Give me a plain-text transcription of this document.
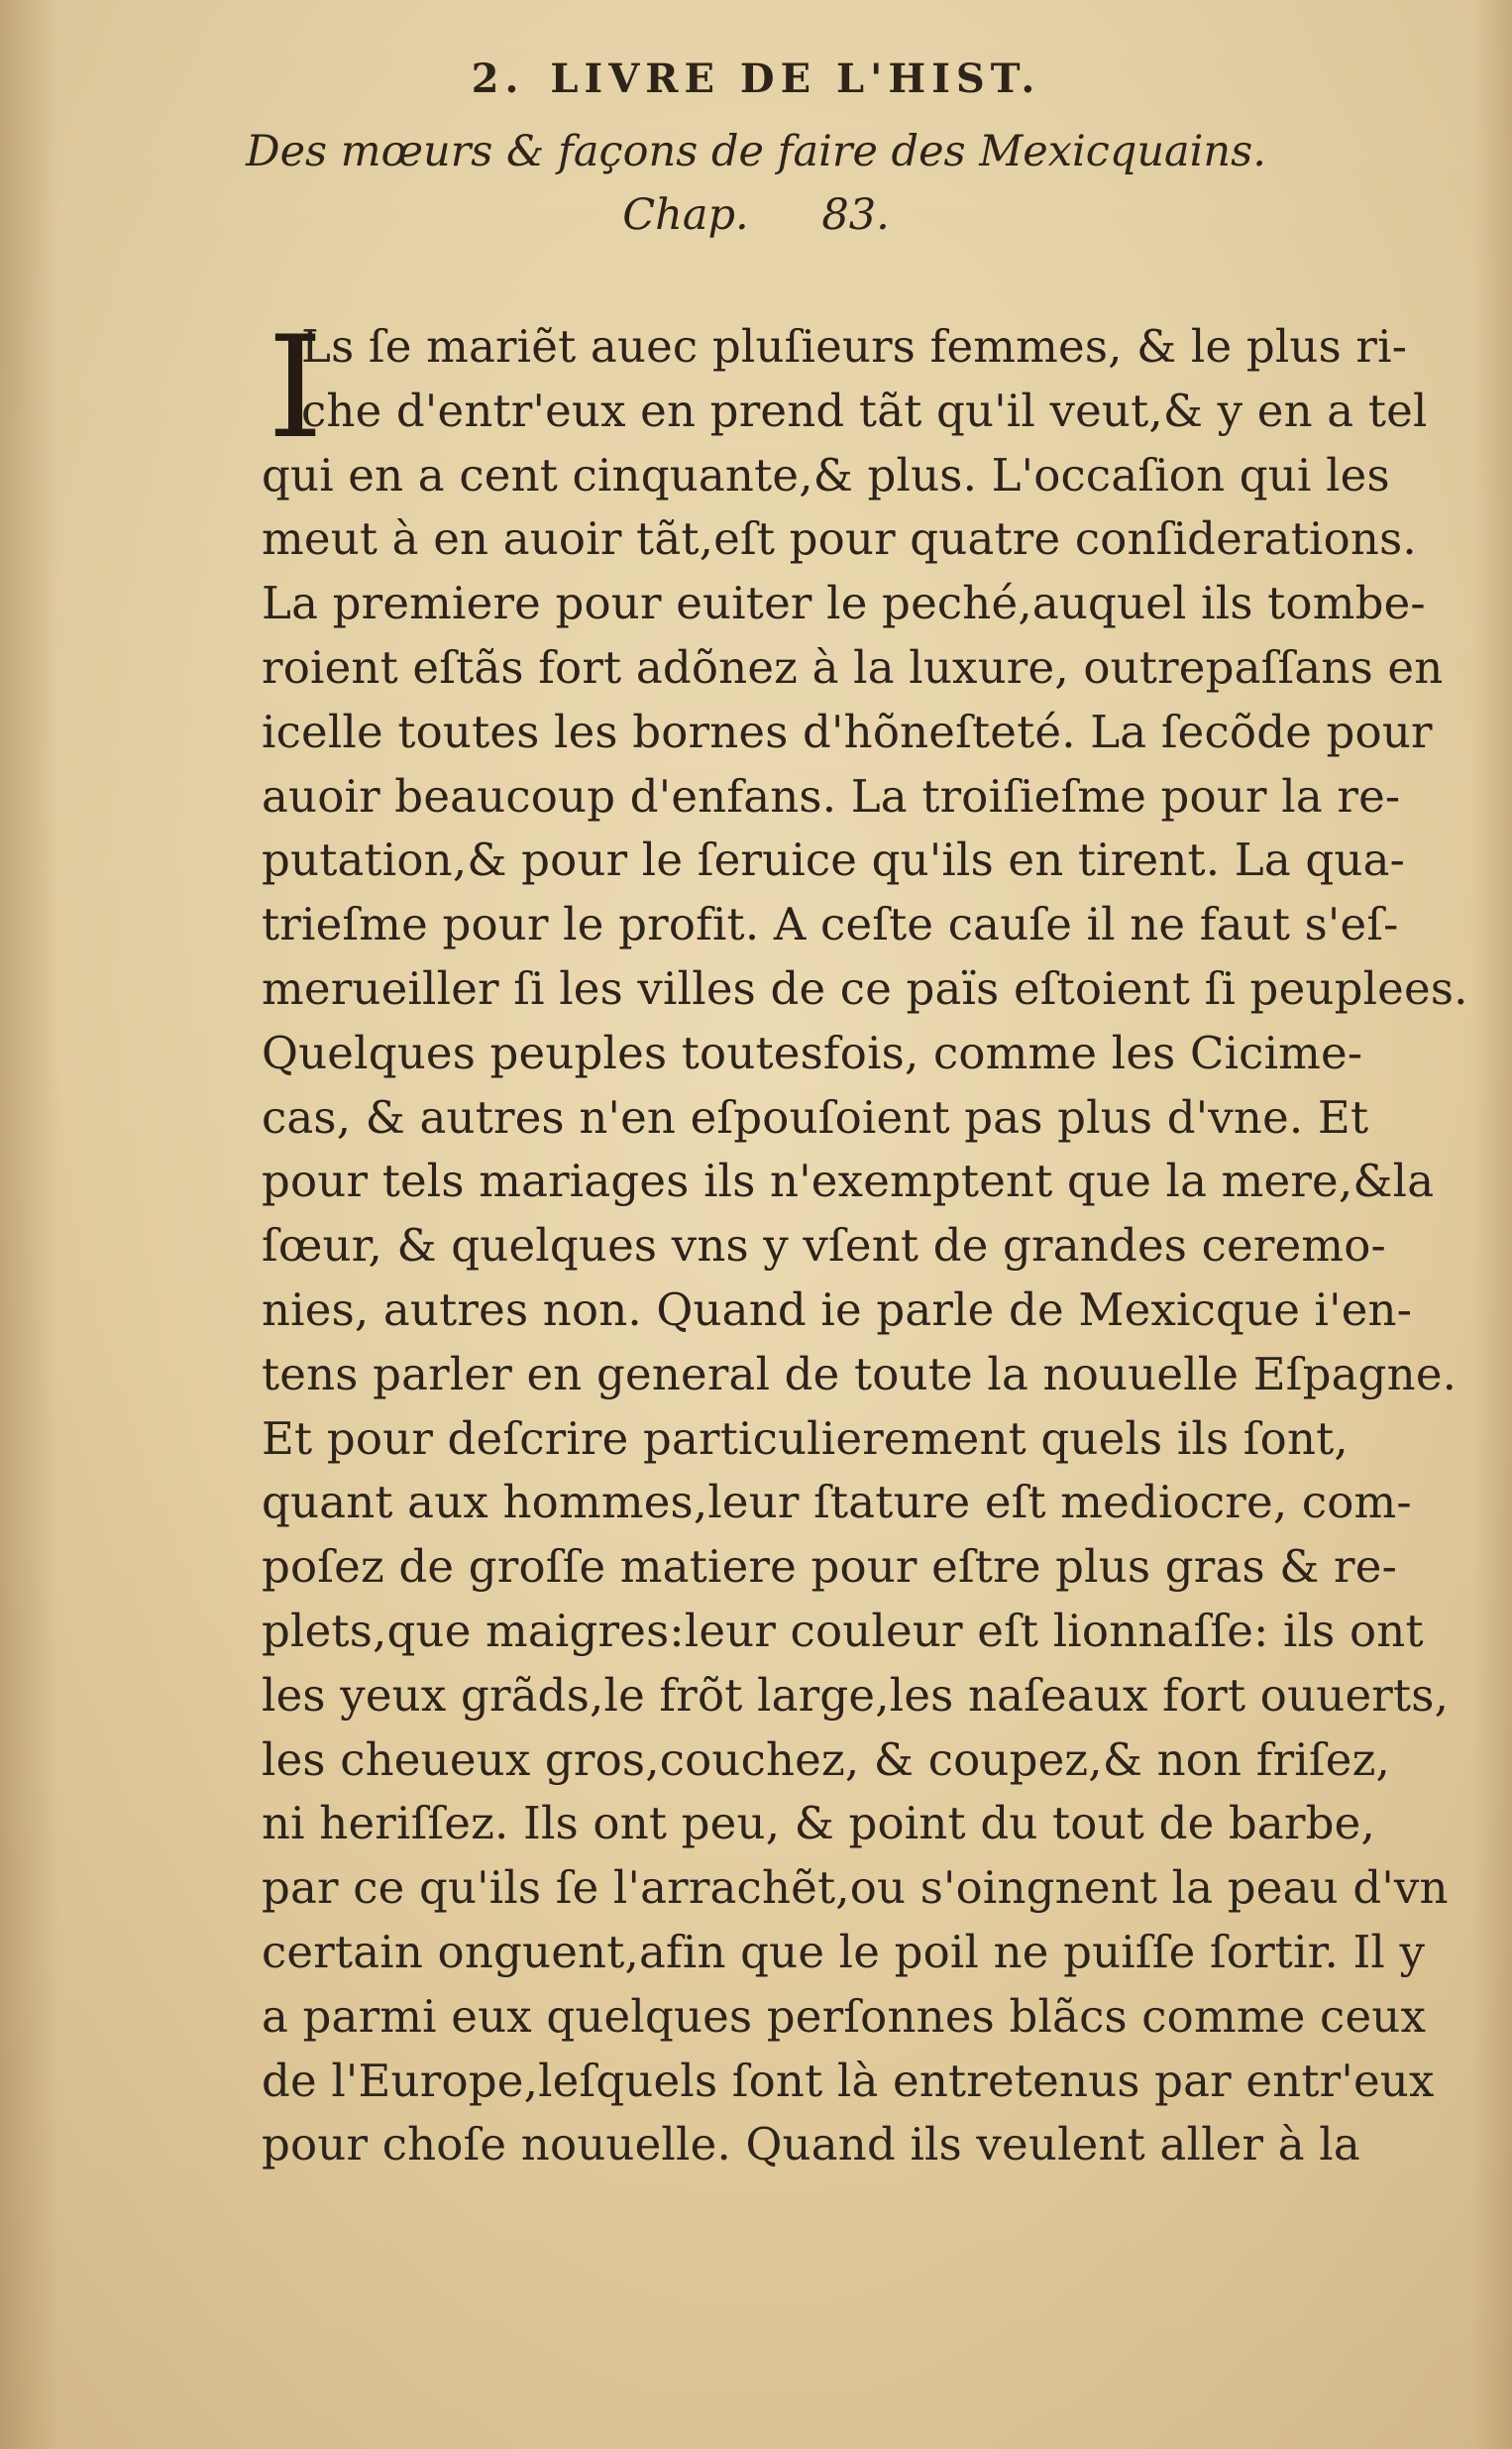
2. LIVRE DE L'HIST.
Des mœurs & façons de faire des Mexicquains.
Chap. 83.
I
Ls ſe mariẽt auec pluſieurs femmes, & le plus ri-
che d'entr'eux en prend tãt qu'il veut,& y en a tel
qui en a cent cinquante,& plus. L'occaſion qui les
meut à en auoir tãt,eſt pour quatre conſiderations.
La premiere pour euiter le peché,auquel ils tombe-
roient eſtãs fort adõnez à la luxure, outrepaſſans en
icelle toutes les bornes d'hõneſteté. La ſecõde pour
auoir beaucoup d'enfans. La troiſieſme pour la re-
putation,& pour le ſeruice qu'ils en tirent. La qua-
trieſme pour le profit. A ceſte cauſe il ne faut s'eſ-
merueiller ſi les villes de ce païs eſtoient ſi peuplees.
Quelques peuples toutesfois, comme les Cicime-
cas, & autres n'en eſpouſoient pas plus d'vne. Et
pour tels mariages ils n'exemptent que la mere,&la
ſœur, & quelques vns y vſent de grandes ceremo-
nies, autres non. Quand ie parle de Mexicque i'en-
tens parler en general de toute la nouuelle Eſpagne.
Et pour deſcrire particulierement quels ils ſont,
quant aux hommes,leur ſtature eſt mediocre, com-
poſez de groſſe matiere pour eſtre plus gras & re-
plets,que maigres:leur couleur eſt lionnaſſe: ils ont
les yeux grãds,le frõt large,les naſeaux fort ouuerts,
les cheueux gros,couchez, & coupez,& non friſez,
ni heriſſez. Ils ont peu, & point du tout de barbe,
par ce qu'ils ſe l'arrachẽt,ou s'oingnent la peau d'vn
certain onguent,afin que le poil ne puiſſe ſortir. Il y
a parmi eux quelques perſonnes blãcs comme ceux
de l'Europe,leſquels ſont là entretenus par entr'eux
pour choſe nouuelle. Quand ils veulent aller à la
